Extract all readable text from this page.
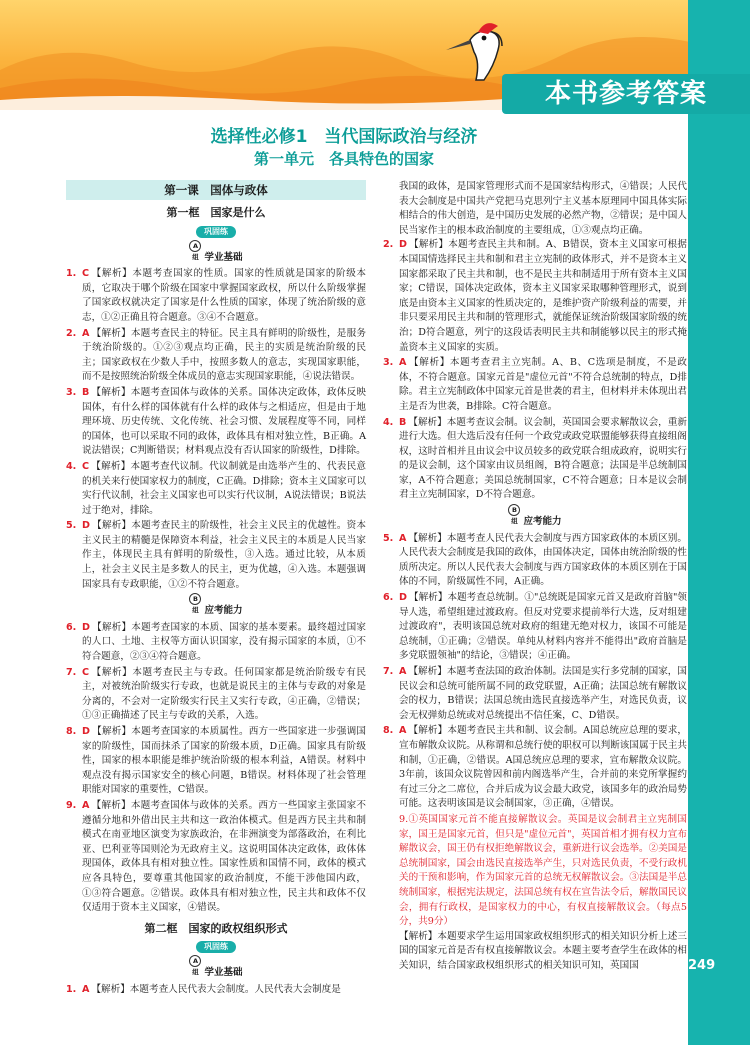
本书参考答案
选择性必修1　当代国际政治与经济
第一单元　各具特色的国家
第一课　国体与政体
第一框　国家是什么
巩固练
A组 学业基础
1. C 【解析】本题考查国家的性质。国家的性质就是国家的阶级本质，它取决于哪个阶级在国家中掌握国家政权，所以什么阶级掌握了国家政权就决定了国家是什么性质的国家，体现了统治阶级的意志，①②正确且符合题意。③④不合题意。
2. A 【解析】本题考查民主的特征。民主具有鲜明的阶级性，是服务于统治阶级的。①②③观点均正确，民主的实质是统治阶级的民主；国家政权在少数人手中，按照多数人的意志，实现国家职能，而不是按照统治阶级全体成员的意志实现国家职能，④说法错误。
3. B 【解析】本题考查国体与政体的关系。国体决定政体，政体反映国体，有什么样的国体就有什么样的政体与之相适应，但是由于地理环境、历史传统、文化传统、社会习惯、发展程度等不同，同样的国体，也可以采取不同的政体，政体具有相对独立性，B正确。A说法错误；C判断错误；材料观点没有否认国家的阶级性，D排除。
4. C 【解析】本题考查代议制。代议制就是由选举产生的、代表民意的机关来行使国家权力的制度，C正确。D排除；资本主义国家可以实行代议制，社会主义国家也可以实行代议制，A说法错误；B说法过于绝对，排除。
5. D 【解析】本题考查民主的阶级性，社会主义民主的优越性。资本主义民主的精髓是保障资本利益，社会主义民主的本质是人民当家作主，体现民主具有鲜明的阶级性，③入选。通过比较，从本质上，社会主义民主是多数人的民主，更为优越，④入选。本题强调国家具有专政职能，①②不符合题意。
B组 应考能力
6. D 【解析】本题考查国家的本质、国家的基本要素。最终超过国家的人口、土地、主权等方面认识国家，没有揭示国家的本质，①不符合题意，②③④符合题意。
7. C 【解析】本题考查民主与专政。任何国家都是统治阶级专有民主，对被统治阶级实行专政，也就是说民主的主体与专政的对象是分离的，不会对一定阶级实行民主又实行专政，④正确，②错误；①③正确描述了民主与专政的关系，入选。
8. D 【解析】本题考查国家的本质属性。西方一些国家进一步强调国家的阶级性，国而抹杀了国家的阶级本质，D正确。国家具有阶级性，国家的根本职能是维护统治阶级的根本利益，A错误。材料中观点没有揭示国家安全的核心问题，B错误。材料体现了社会管理职能对国家的重要性，C错误。
9. A 【解析】本题考查国体与政体的关系。西方一些国家主张国家不遵循分地和外借出民主共和这一政治体模式。但是西方民主共和制模式在南亚地区演变为家族政治，在非洲演变为部落政治，在利比亚、巴利亚等国则沦为无政府主义。这说明国体决定政体，政体体现国体，政体具有相对独立性。国家性质和国情不同，政体的模式应各具特色，要尊重其他国家的政治制度，不能干涉他国内政，①③符合题意。②错误。政体具有相对独立性，民主共和政体不仅仅适用于资本主义国家，④错误。
第二框　国家的政权组织形式
巩固练
A组 学业基础
1. A 【解析】本题考查人民代表大会制度。人民代表大会制度是
我国的政体，是国家管理形式而不是国家结构形式，④错误；人民代表大会制度是中国共产党把马克思列宁主义基本原理同中国具体实际相结合的伟大创造，是中国历史发展的必然产物，②错误；是中国人民当家作主的根本政治制度的主要组成，①③观点均正确。
2. D 【解析】本题考查民主共和制。A、B错误，资本主义国家可根据本国国情选择民主共和制和君主立宪制的政体形式，并不是资本主义国家都采取了民主共和制，也不是民主共和制适用于所有资本主义国家；C错误，国体决定政体，资本主义国家采取哪种管理形式，说到底是由资本主义国家的性质决定的，是维护资产阶级利益的需要，并非只要采用民主共和制的管理形式，就能保证统治阶级国家阶级的统治；D符合题意，列宁的这段话表明民主共和制能够以民主的形式掩盖资本主义国家的实质。
3. A 【解析】本题考查君主立宪制。A、B、C选项是制度，不是政体，不符合题意。国家元首是"虚位元首"不符合总统制的特点，D排除。君主立宪制政体中国家元首是世袭的君主，但材料并未体现出君主是否为世袭，B排除。C符合题意。
4. B 【解析】本题考查议会制。议会制，英国国会要求解散议会，重新进行大选。但大选后没有任何一个政党或政党联盟能够获得直接组阁权，这时首相并且由议会中议员较多的政党联合组成政府，说明实行的是议会制，这个国家由议员组阁，B符合题意；法国是半总统制国家，A不符合题意；美国总统制国家，C不符合题意；日本是议会制君主立宪制国家，D不符合题意。
B组 应考能力
5. A 【解析】本题考查人民代表大会制度与西方国家政体的本质区别。人民代表大会制度是我国的政体，由国体决定，国体由统治阶级的性质所决定。所以人民代表大会制度与西方国家政体的本质区别在于国体的不同，阶级属性不同，A正确。
6. D 【解析】本题考查总统制。①"总统既是国家元首又是政府首脑"领导人选，希望组建过渡政府。但反对党要求提前举行大选，反对组建过渡政府"，表明该国总统对政府的组建无绝对权力，该国不可能是总统制，①正确；②错误。单纯从材料内容并不能得出"政府首脑是多党联盟领袖"的结论，③错误；④正确。
7. A 【解析】本题考查法国的政治体制。法国是实行多党制的国家，国民议会和总统可能所属不同的政党联盟，A正确；法国总统有解散议会的权力，B错误；法国总统由选民直接选举产生，对选民负责，议会无权弹劾总统或对总统提出不信任案，C、D错误。
8. A 【解析】本题考查民主共和制、议会制。A国总统应总理的要求，宣布解散众议院。从称谓和总统行使的职权可以判断该国属于民主共和制，①正确，②错误。A国总统应总理的要求，宣布解散众议院。3年前，该国众议院曾因和前内阁选举产生，合并前的来党所掌握约有过三分之二席位，合并后成为议会最大政党，该国多年的政治局势可能。这表明该国是议会制国家，③正确，④错误。
9.①英国国家元首不能直接解散议会。英国是议会制君主立宪制国家，国王是国家元首，但只是"虚位元首"，英国首相才拥有权力宣布解散议会，国王仍有权拒绝解散议会，重新进行议会选举。②美国是总统制国家，国会由选民直接选举产生，只对选民负责，不受行政机关的干预和影响，作为国家元首的总统无权解散议会。③法国是半总统制国家，根据宪法规定，法国总统有权在宣告法令后，解散国民议会，拥有行政权，是国家权力的中心，有权直接解散议会。（每点5分，共9分）
【解析】本题要求学生运用国家政权组织形式的相关知识分析上述三国的国家元首是否有权直接解散议会。本题主要考查学生在政体的相关知识，结合国家政权组织形式的相关知识可知，英国国	249
